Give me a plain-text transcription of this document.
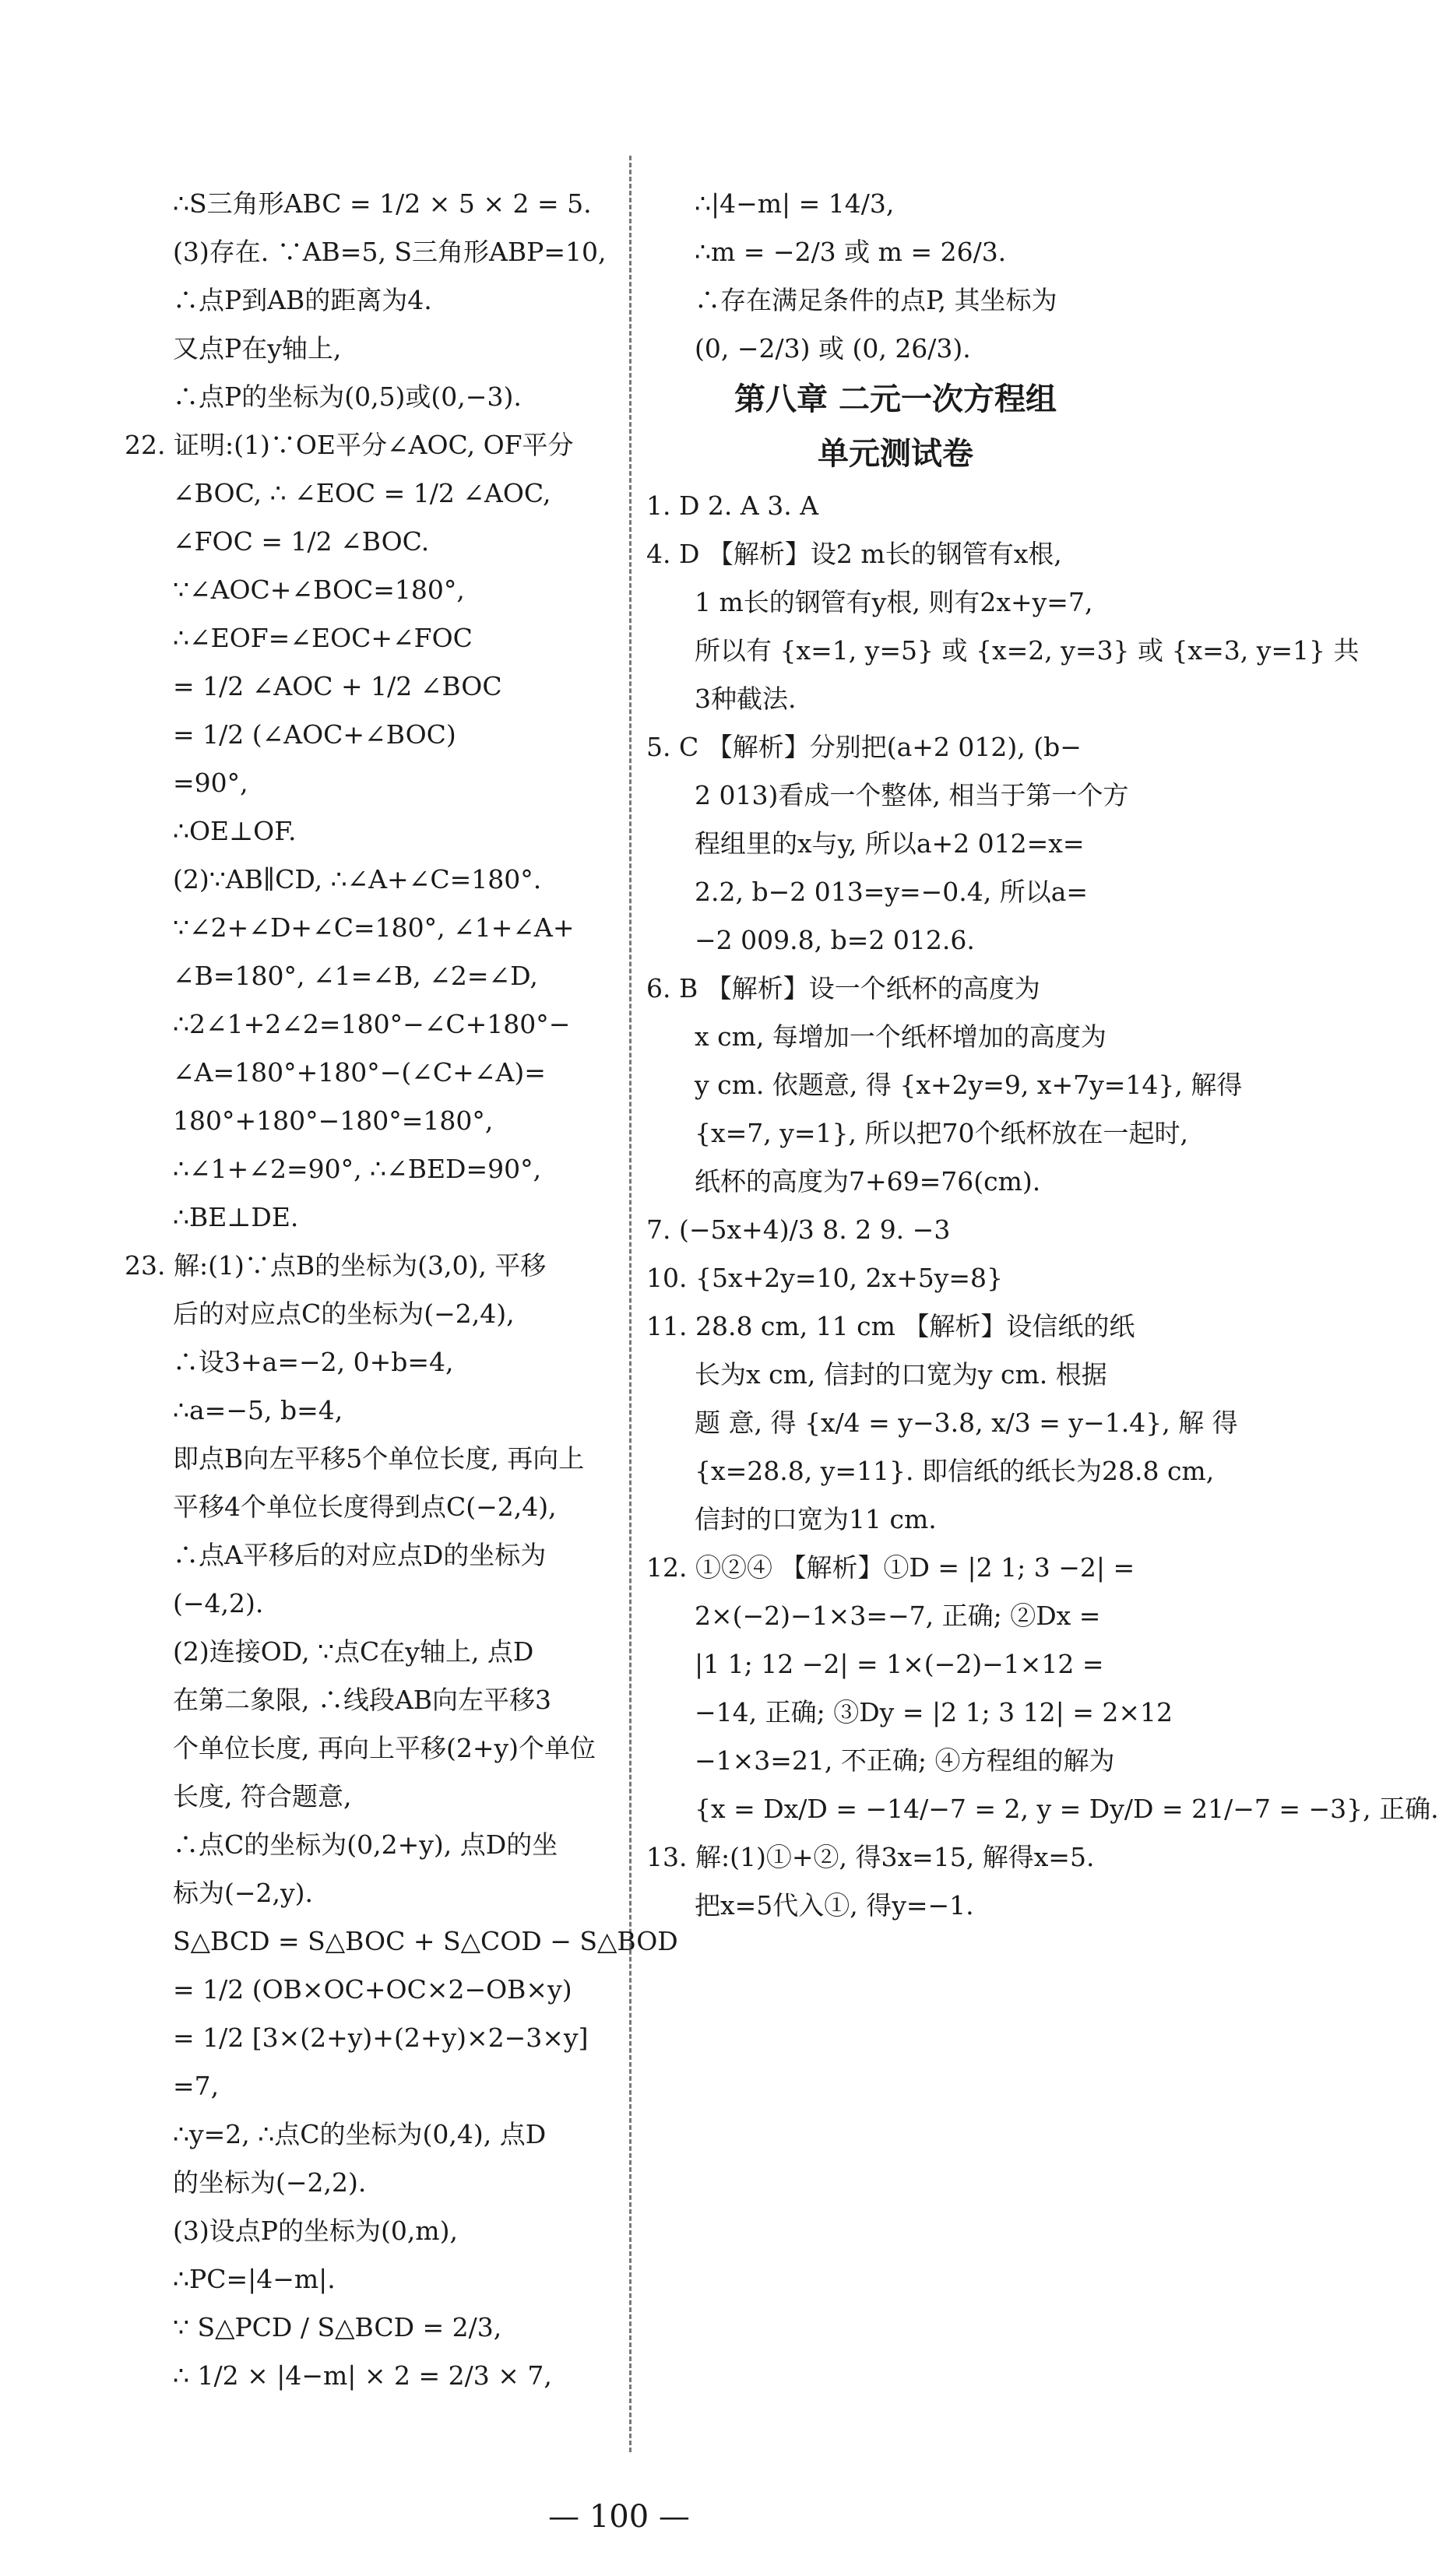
∴S三角形ABC = 1/2 × 5 × 2 = 5.
(3)存在. ∵AB=5, S三角形ABP=10,
∴点P到AB的距离为4.
又点P在y轴上,
∴点P的坐标为(0,5)或(0,−3).
22. 证明:(1)∵OE平分∠AOC, OF平分
∠BOC, ∴ ∠EOC = 1/2 ∠AOC,
∠FOC = 1/2 ∠BOC.
∵∠AOC+∠BOC=180°,
∴∠EOF=∠EOC+∠FOC
= 1/2 ∠AOC + 1/2 ∠BOC
= 1/2 (∠AOC+∠BOC)
=90°,
∴OE⊥OF.
(2)∵AB∥CD, ∴∠A+∠C=180°.
∵∠2+∠D+∠C=180°, ∠1+∠A+
∠B=180°, ∠1=∠B, ∠2=∠D,
∴2∠1+2∠2=180°−∠C+180°−
∠A=180°+180°−(∠C+∠A)=
180°+180°−180°=180°,
∴∠1+∠2=90°, ∴∠BED=90°,
∴BE⊥DE.
23. 解:(1)∵点B的坐标为(3,0), 平移
后的对应点C的坐标为(−2,4),
∴设3+a=−2, 0+b=4,
∴a=−5, b=4,
即点B向左平移5个单位长度, 再向上
平移4个单位长度得到点C(−2,4),
∴点A平移后的对应点D的坐标为
(−4,2).
(2)连接OD, ∵点C在y轴上, 点D
在第二象限, ∴线段AB向左平移3
个单位长度, 再向上平移(2+y)个单位
长度, 符合题意,
∴点C的坐标为(0,2+y), 点D的坐
标为(−2,y).
S△BCD = S△BOC + S△COD − S△BOD
= 1/2 (OB×OC+OC×2−OB×y)
= 1/2 [3×(2+y)+(2+y)×2−3×y]
=7,
∴y=2, ∴点C的坐标为(0,4), 点D
的坐标为(−2,2).
(3)设点P的坐标为(0,m),
∴PC=|4−m|.
∵ S△PCD / S△BCD = 2/3,
∴ 1/2 × |4−m| × 2 = 2/3 × 7,
∴|4−m| = 14/3,
∴m = −2/3 或 m = 26/3.
∴存在满足条件的点P, 其坐标为
(0, −2/3) 或 (0, 26/3).
第八章 二元一次方程组
单元测试卷
1. D 2. A 3. A
4. D 【解析】设2 m长的钢管有x根,
1 m长的钢管有y根, 则有2x+y=7,
所以有 {x=1, y=5} 或 {x=2, y=3} 或 {x=3, y=1} 共
3种截法.
5. C 【解析】分别把(a+2 012), (b−
2 013)看成一个整体, 相当于第一个方
程组里的x与y, 所以a+2 012=x=
2.2, b−2 013=y=−0.4, 所以a=
−2 009.8, b=2 012.6.
6. B 【解析】设一个纸杯的高度为
x cm, 每增加一个纸杯增加的高度为
y cm. 依题意, 得 {x+2y=9, x+7y=14}, 解得
{x=7, y=1}, 所以把70个纸杯放在一起时,
纸杯的高度为7+69=76(cm).
7. (−5x+4)/3 8. 2 9. −3
10. {5x+2y=10, 2x+5y=8}
11. 28.8 cm, 11 cm 【解析】设信纸的纸
长为x cm, 信封的口宽为y cm. 根据
题 意, 得 {x/4 = y−3.8, x/3 = y−1.4}, 解 得
{x=28.8, y=11}. 即信纸的纸长为28.8 cm,
信封的口宽为11 cm.
12. ①②④ 【解析】①D = |2 1; 3 −2| =
2×(−2)−1×3=−7, 正确; ②Dx =
|1 1; 12 −2| = 1×(−2)−1×12 =
−14, 正确; ③Dy = |2 1; 3 12| = 2×12
−1×3=21, 不正确; ④方程组的解为
{x = Dx/D = −14/−7 = 2, y = Dy/D = 21/−7 = −3}, 正确.
13. 解:(1)①+②, 得3x=15, 解得x=5.
把x=5代入①, 得y=−1.
— 100 —
